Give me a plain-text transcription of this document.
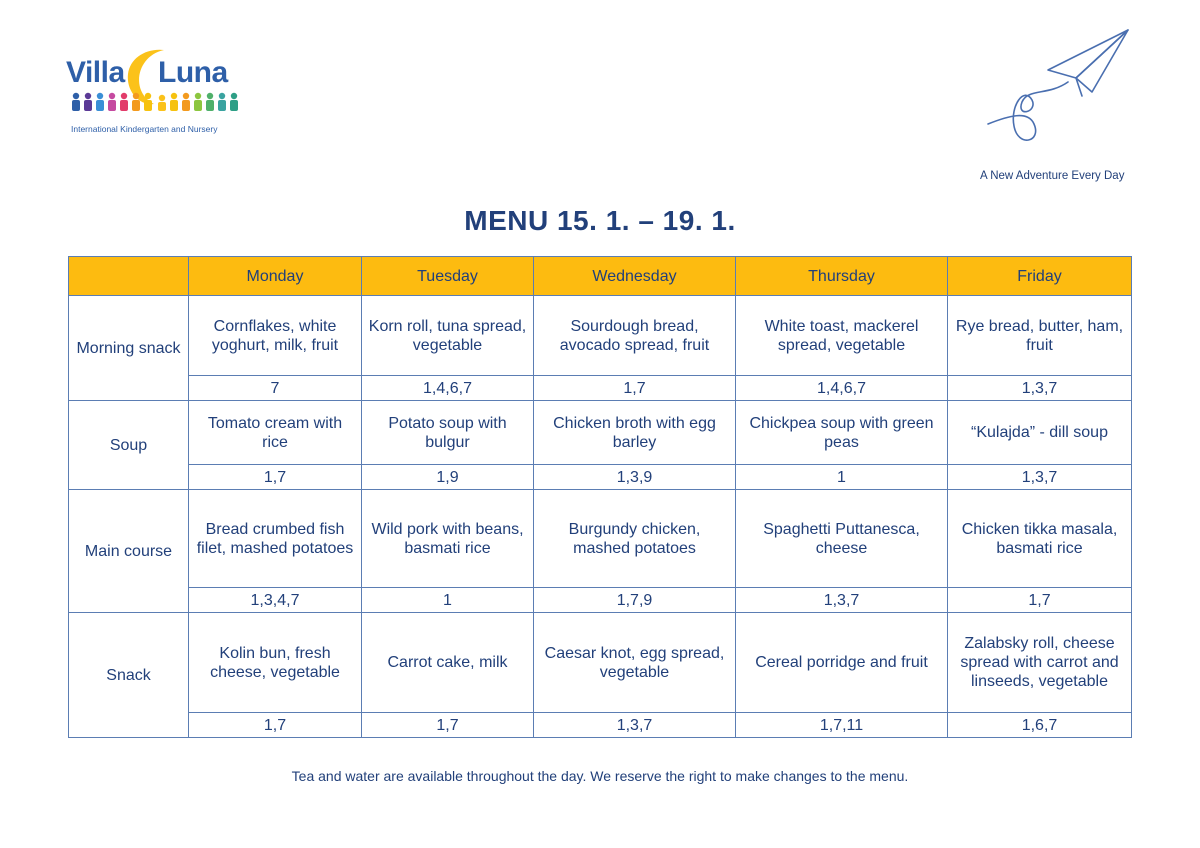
Villa Luna
International Kindergarten and Nursery
A New Adventure Every Day
MENU 15. 1. – 19. 1.
	Monday	Tuesday	Wednesday	Thursday	Friday
Morning snack	Cornflakes, white yoghurt, milk, fruit	Korn roll, tuna spread, vegetable	Sourdough bread, avocado spread, fruit	White toast, mackerel spread, vegetable	Rye bread, butter, ham, fruit
	7	1,4,6,7	1,7	1,4,6,7	1,3,7
Soup	Tomato cream with rice	Potato soup with bulgur	Chicken broth with egg barley	Chickpea soup with green peas	“Kulajda” - dill soup
	1,7	1,9	1,3,9	1	1,3,7
Main course	Bread crumbed fish filet, mashed potatoes	Wild pork with beans, basmati rice	Burgundy chicken, mashed potatoes	Spaghetti Puttanesca, cheese	Chicken tikka masala, basmati rice
	1,3,4,7	1	1,7,9	1,3,7	1,7
Snack	Kolin bun, fresh cheese, vegetable	Carrot cake, milk	Caesar knot, egg spread, vegetable	Cereal porridge and fruit	Zalabsky roll, cheese spread with carrot and linseeds, vegetable
	1,7	1,7	1,3,7	1,7,11	1,6,7
Tea and water are available throughout the day. We reserve the right to make changes to the menu.
